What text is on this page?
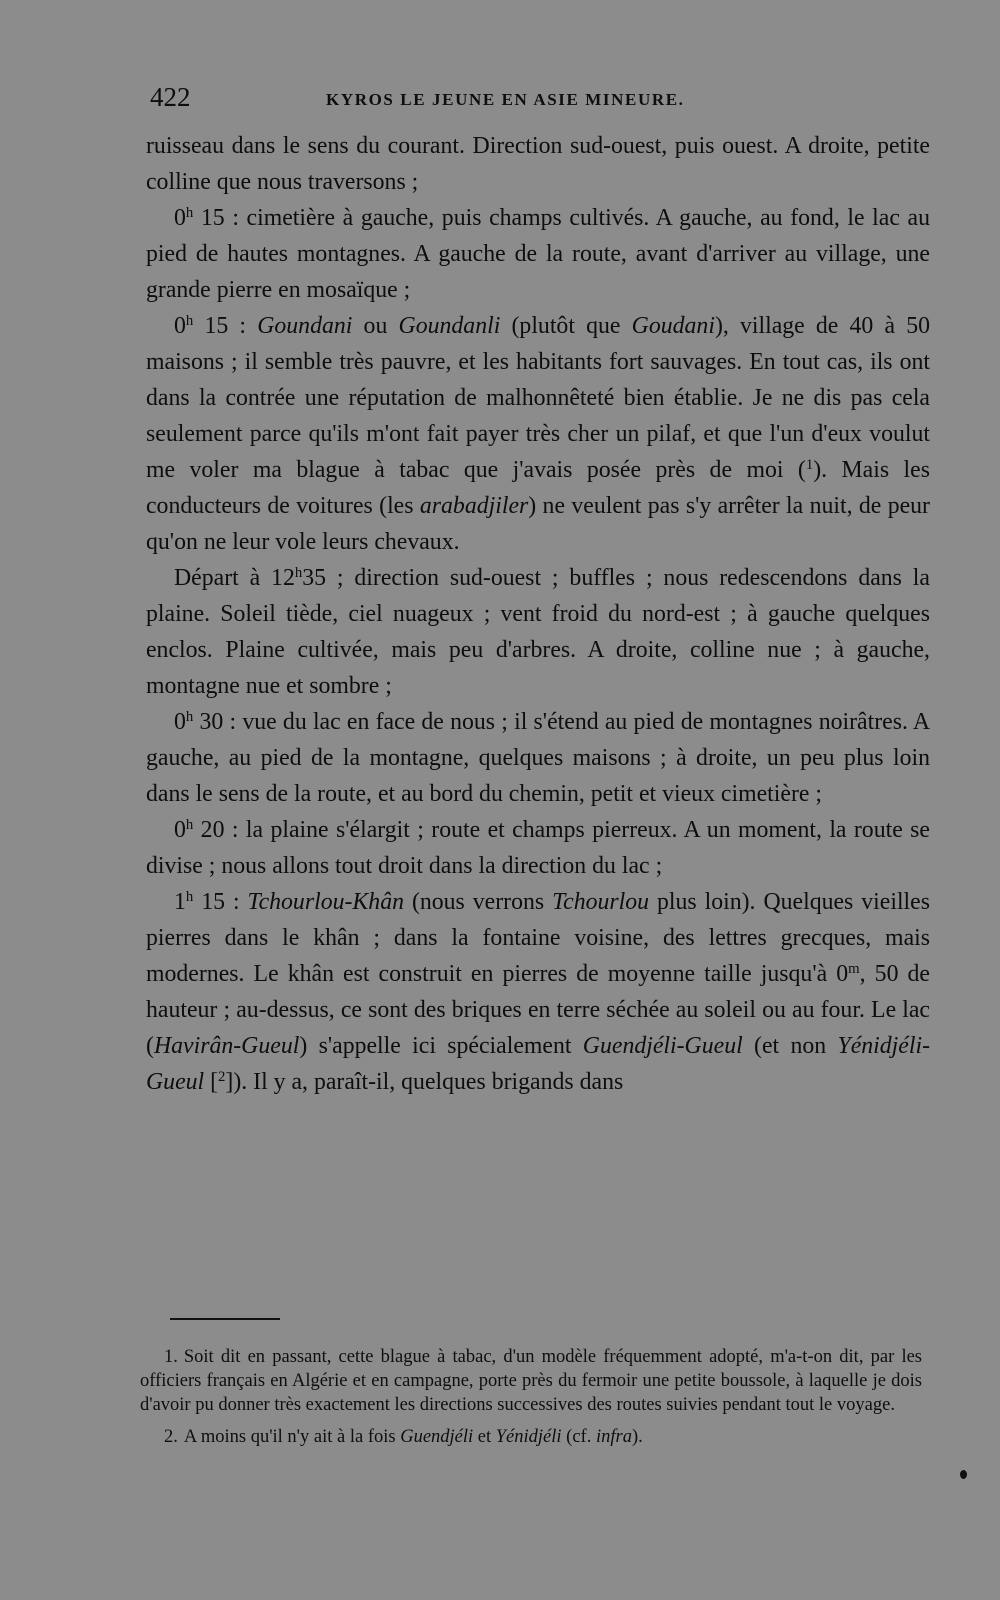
422	KYROS LE JEUNE EN ASIE MINEURE.

ruisseau dans le sens du courant. Direction sud-ouest, puis ouest. A droite, petite colline que nous traversons ;

0$^h$ 15 : cimetière à gauche, puis champs cultivés. A gauche, au fond, le lac au pied de hautes montagnes. A gauche de la route, avant d'arriver au village, une grande pierre en mosaïque ;

0$^h$ 15 : Goundani ou Goundanli (plutôt que Goudani), village de 40 à 50 maisons ; il semble très pauvre, et les habitants fort sauvages. En tout cas, ils ont dans la contrée une réputation de malhonnêteté bien établie. Je ne dis pas cela seulement parce qu'ils m'ont fait payer très cher un pilaf, et que l'un d'eux voulut me voler ma blague à tabac que j'avais posée près de moi ($^1$). Mais les conducteurs de voitures (les arabadjiler) ne veulent pas s'y arrêter la nuit, de peur qu'on ne leur vole leurs chevaux.

Départ à 12$^h$35 ; direction sud-ouest ; buffles ; nous redescendons dans la plaine. Soleil tiède, ciel nuageux ; vent froid du nord-est ; à gauche quelques enclos. Plaine cultivée, mais peu d'arbres. A droite, colline nue ; à gauche, montagne nue et sombre ;

0$^h$ 30 : vue du lac en face de nous ; il s'étend au pied de montagnes noirâtres. A gauche, au pied de la montagne, quelques maisons ; à droite, un peu plus loin dans le sens de la route, et au bord du chemin, petit et vieux cimetière ;

0$^h$ 20 : la plaine s'élargit ; route et champs pierreux. A un moment, la route se divise ; nous allons tout droit dans la direction du lac ;

1$^h$ 15 : Tchourlou-Khân (nous verrons Tchourlou plus loin). Quelques vieilles pierres dans le khân ; dans la fontaine voisine, des lettres grecques, mais modernes. Le khân est construit en pierres de moyenne taille jusqu'à 0$^m$, 50 de hauteur ; au-dessus, ce sont des briques en terre séchée au soleil ou au four. Le lac (Havirân-Gueul) s'appelle ici spécialement Guendjéli-Gueul (et non Yénidjéli-Gueul [$^2$]). Il y a, paraît-il, quelques brigands dans

1. Soit dit en passant, cette blague à tabac, d'un modèle fréquemment adopté, m'a-t-on dit, par les officiers français en Algérie et en campagne, porte près du fermoir une petite boussole, à laquelle je dois d'avoir pu donner très exactement les directions successives des routes suivies pendant tout le voyage.

2. A moins qu'il n'y ait à la fois Guendjéli et Yénidjéli (cf. infra).
